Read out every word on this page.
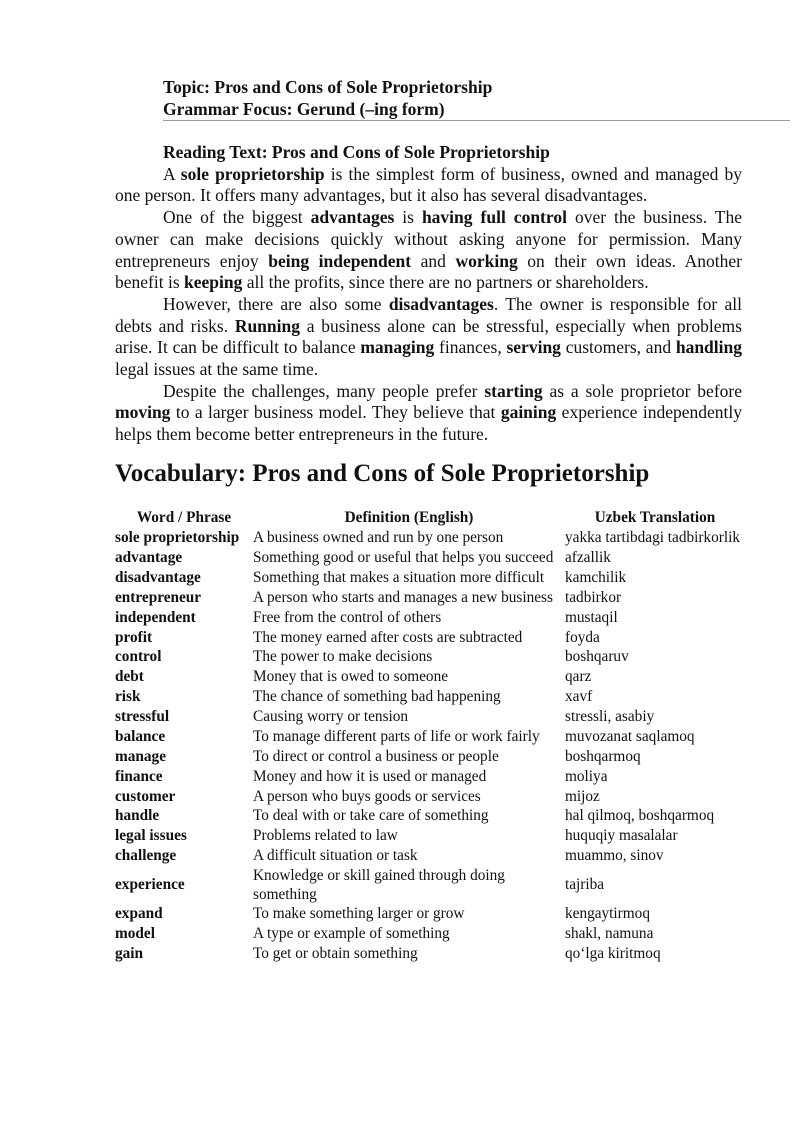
Topic: Pros and Cons of Sole Proprietorship
Grammar Focus: Gerund (–ing form)
Reading Text: Pros and Cons of Sole Proprietorship

A sole proprietorship is the simplest form of business, owned and managed by one person. It offers many advantages, but it also has several disadvantages.

One of the biggest advantages is having full control over the business. The owner can make decisions quickly without asking anyone for permission. Many entrepreneurs enjoy being independent and working on their own ideas. Another benefit is keeping all the profits, since there are no partners or shareholders.

However, there are also some disadvantages. The owner is responsible for all debts and risks. Running a business alone can be stressful, especially when problems arise. It can be difficult to balance managing finances, serving customers, and handling legal issues at the same time.

Despite the challenges, many people prefer starting as a sole proprietor before moving to a larger business model. They believe that gaining experience independently helps them become better entrepreneurs in the future.

Vocabulary: Pros and Cons of Sole Proprietorship
Word / Phrase	Definition (English)	Uzbek Translation
sole proprietorship	A business owned and run by one person	yakka tartibdagi tadbirkorlik
advantage	Something good or useful that helps you succeed	afzallik
disadvantage	Something that makes a situation more difficult	kamchilik
entrepreneur	A person who starts and manages a new business	tadbirkor
independent	Free from the control of others	mustaqil
profit	The money earned after costs are subtracted	foyda
control	The power to make decisions	boshqaruv
debt	Money that is owed to someone	qarz
risk	The chance of something bad happening	xavf
stressful	Causing worry or tension	stressli, asabiy
balance	To manage different parts of life or work fairly	muvozanat saqlamoq
manage	To direct or control a business or people	boshqarmoq
finance	Money and how it is used or managed	moliya
customer	A person who buys goods or services	mijoz
handle	To deal with or take care of something	hal qilmoq, boshqarmoq
legal issues	Problems related to law	huquqiy masalalar
challenge	A difficult situation or task	muammo, sinov
experience	Knowledge or skill gained through doing something	tajriba
expand	To make something larger or grow	kengaytirmoq
model	A type or example of something	shakl, namuna
gain	To get or obtain something	qo‘lga kiritmoq
